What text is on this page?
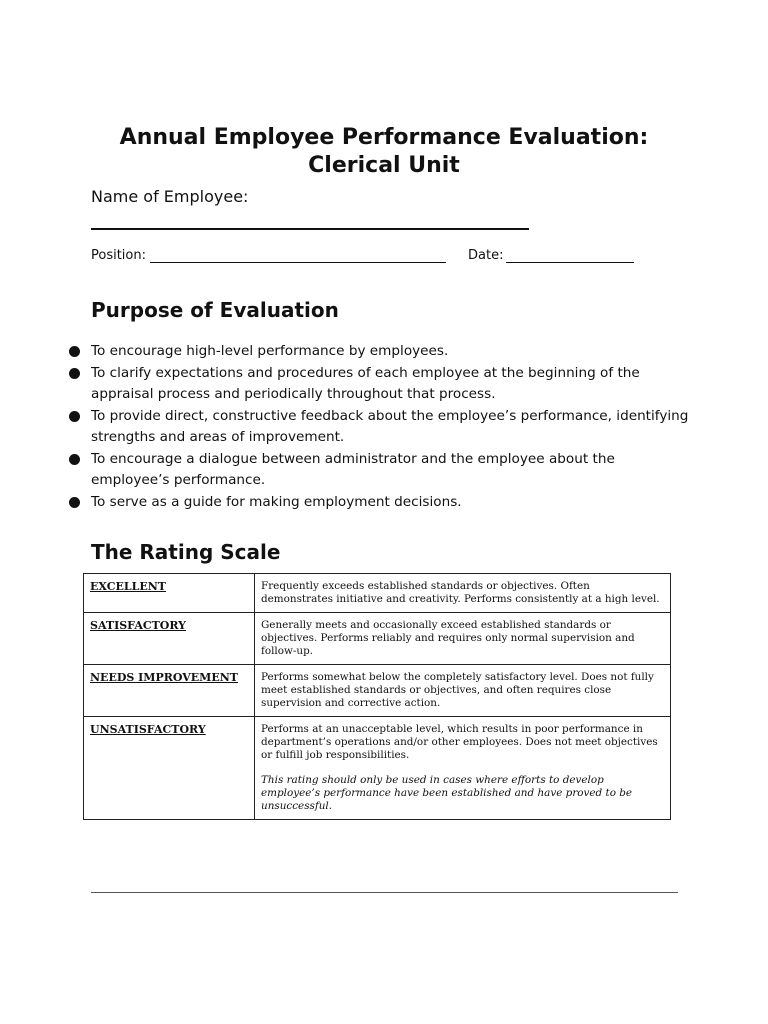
Annual Employee Performance Evaluation:
Clerical Unit
Name of Employee:
Position:	Date:
Purpose of Evaluation
To encourage high-level performance by employees.
To clarify expectations and procedures of each employee at the beginning of the appraisal process and periodically throughout that process.
To provide direct, constructive feedback about the employee’s performance, identifying strengths and areas of improvement.
To encourage a dialogue between administrator and the employee about the employee’s performance.
To serve as a guide for making employment decisions.
The Rating Scale
EXCELLENT	Frequently exceeds established standards or objectives. Often demonstrates initiative and creativity. Performs consistently at a high level.
SATISFACTORY	Generally meets and occasionally exceed established standards or objectives. Performs reliably and requires only normal supervision and follow-up.
NEEDS IMPROVEMENT	Performs somewhat below the completely satisfactory level. Does not fully meet established standards or objectives, and often requires close supervision and corrective action.
UNSATISFACTORY	Performs at an unacceptable level, which results in poor performance in department’s operations and/or other employees. Does not meet objectives or fulfill job responsibilities.
This rating should only be used in cases where efforts to develop employee’s performance have been established and have proved to be unsuccessful.
